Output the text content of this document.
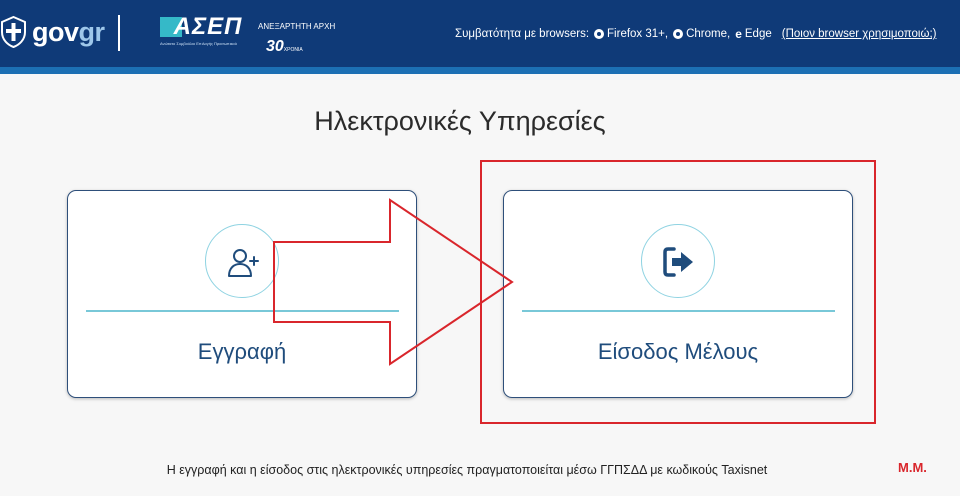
govgr	ΑΣΕΠ
Ανώτατο Συμβούλιο Επιλογής Προσωπικού
ΑΝΕΞΑΡΤΗΤΗ ΑΡΧΗ
30ΧΡΟΝΙΑ
Συμβατότητα με browsers: Firefox 31+, Chrome, e Edge (Ποιον browser χρησιμοποιώ;)
Ηλεκτρονικές Υπηρεσίες
Εγγραφή	Είσοδος Μέλους
Η εγγραφή και η είσοδος στις ηλεκτρονικές υπηρεσίες πραγματοποιείται μέσω ΓΓΠΣΔΔ με κωδικούς Taxisnet	Μ.Μ.
